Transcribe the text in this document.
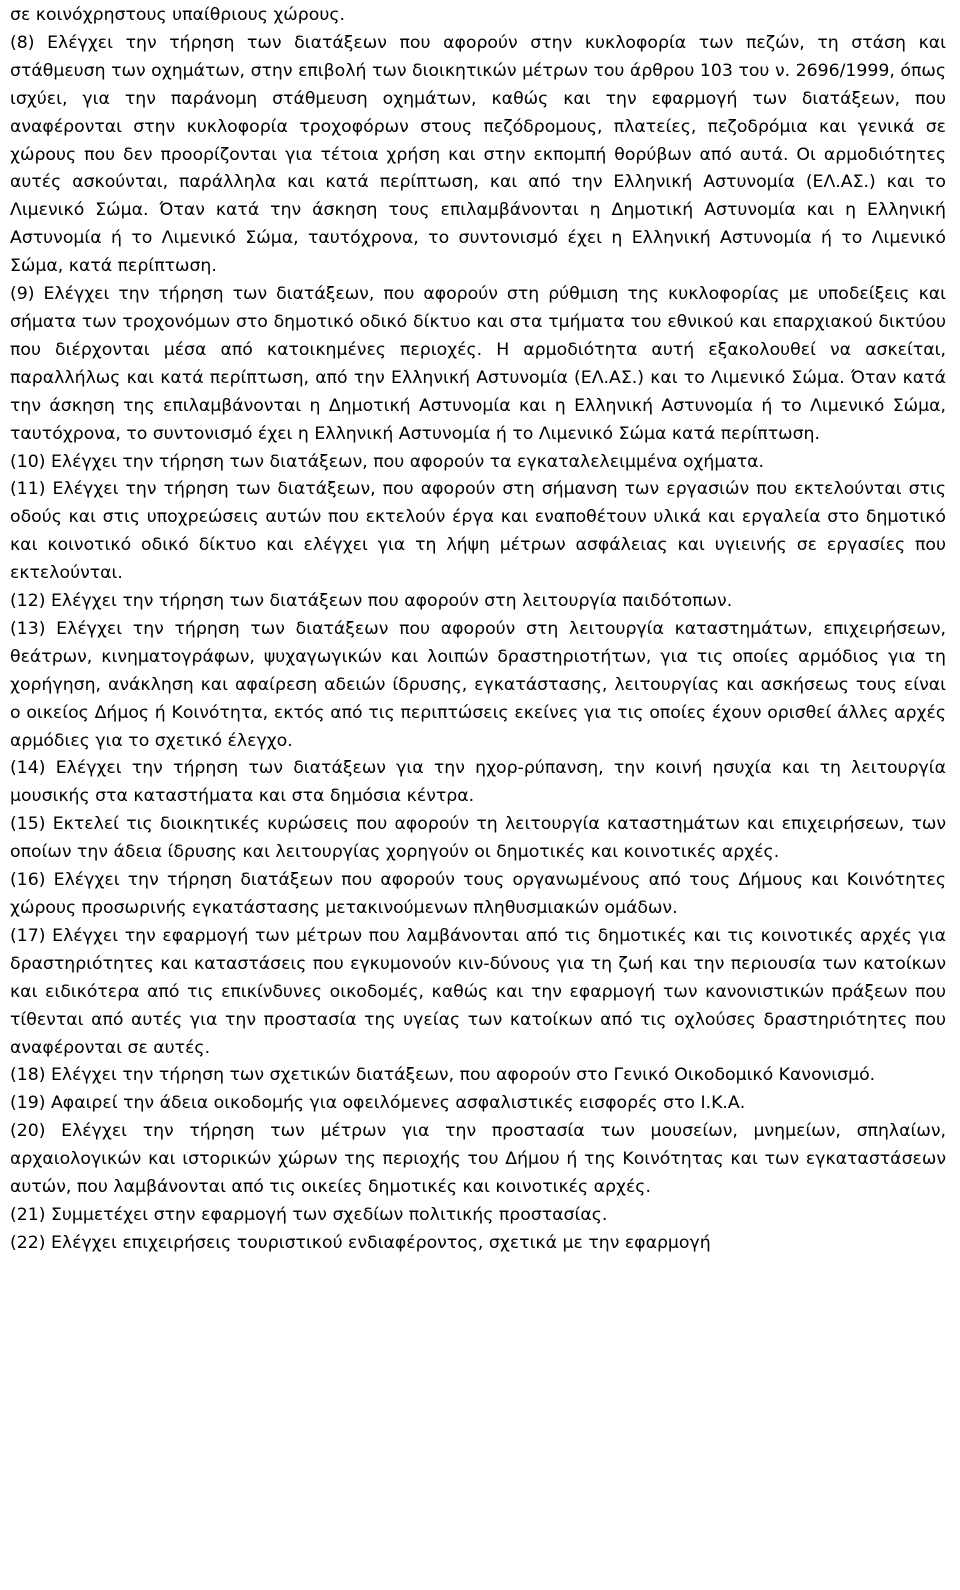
σε κοινόχρηστους υπαίθριους χώρους.

(8) Ελέγχει την τήρηση των διατάξεων που αφορούν στην κυκλοφορία των πεζών, τη στάση και στάθμευση των οχημάτων, στην επιβολή των διοικητικών μέτρων του άρθρου 103 του ν. 2696/1999, όπως ισχύει, για την παράνομη στάθμευση οχημάτων, καθώς και την εφαρμογή των διατάξεων, που αναφέρονται στην κυκλοφορία τροχοφόρων στους πεζόδρομους, πλατείες, πεζοδρόμια και γενικά σε χώρους που δεν προορίζονται για τέτοια χρήση και στην εκπομπή θορύβων από αυτά. Οι αρμοδιότητες αυτές ασκούνται, παράλληλα και κατά περίπτωση, και από την Ελληνική Αστυνομία (ΕΛ.ΑΣ.) και το Λιμενικό Σώμα. Όταν κατά την άσκηση τους επιλαμβάνονται η Δημοτική Αστυνομία και η Ελληνική Αστυνομία ή το Λιμενικό Σώμα, ταυτόχρονα, το συντονισμό έχει η Ελληνική Αστυνομία ή το Λιμενικό Σώμα, κατά περίπτωση.

(9) Ελέγχει την τήρηση των διατάξεων, που αφορούν στη ρύθμιση της κυκλοφορίας με υποδείξεις και σήματα των τροχονόμων στο δημοτικό οδικό δίκτυο και στα τμήματα του εθνικού και επαρχιακού δικτύου που διέρχονται μέσα από κατοικημένες περιοχές. Η αρμοδιότητα αυτή εξακολουθεί να ασκείται, παραλλήλως και κατά περίπτωση, από την Ελληνική Αστυνομία (ΕΛ.ΑΣ.) και το Λιμενικό Σώμα. Όταν κατά την άσκηση της επιλαμβάνονται η Δημοτική Αστυνομία και η Ελληνική Αστυνομία ή το Λιμενικό Σώμα, ταυτόχρονα, το συντονισμό έχει η Ελληνική Αστυνομία ή το Λιμενικό Σώμα κατά περίπτωση.

(10) Ελέγχει την τήρηση των διατάξεων, που αφορούν τα εγκαταλελειμμένα οχήματα.

(11) Ελέγχει την τήρηση των διατάξεων, που αφορούν στη σήμανση των εργασιών που εκτελούνται στις οδούς και στις υποχρεώσεις αυτών που εκτελούν έργα και εναποθέτουν υλικά και εργαλεία στο δημοτικό και κοινοτικό οδικό δίκτυο και ελέγχει για τη λήψη μέτρων ασφάλειας και υγιεινής σε εργασίες που εκτελούνται.

(12) Ελέγχει την τήρηση των διατάξεων που αφορούν στη λειτουργία παιδότοπων.

(13) Ελέγχει την τήρηση των διατάξεων που αφορούν στη λειτουργία καταστημάτων, επιχειρήσεων, θεάτρων, κινηματογράφων, ψυχαγωγικών και λοιπών δραστηριοτήτων, για τις οποίες αρμόδιος για τη χορήγηση, ανάκληση και αφαίρεση αδειών ίδρυσης, εγκατάστασης, λειτουργίας και ασκήσεως τους είναι ο οικείος Δήμος ή Κοινότητα, εκτός από τις περιπτώσεις εκείνες για τις οποίες έχουν ορισθεί άλλες αρχές αρμόδιες για το σχετικό έλεγχο.

(14) Ελέγχει την τήρηση των διατάξεων για την ηχορ-ρύπανση, την κοινή ησυχία και τη λειτουργία μουσικής στα καταστήματα και στα δημόσια κέντρα.

(15) Εκτελεί τις διοικητικές κυρώσεις που αφορούν τη λειτουργία καταστημάτων και επιχειρήσεων, των οποίων την άδεια ίδρυσης και λειτουργίας χορηγούν οι δημοτικές και κοινοτικές αρχές.

(16) Ελέγχει την τήρηση διατάξεων που αφορούν τους οργανωμένους από τους Δήμους και Κοινότητες χώρους προσωρινής εγκατάστασης μετακινούμενων πληθυσμιακών ομάδων.

(17) Ελέγχει την εφαρμογή των μέτρων που λαμβάνονται από τις δημοτικές και τις κοινοτικές αρχές για δραστηριότητες και καταστάσεις που εγκυμονούν κιν-δύνους για τη ζωή και την περιουσία των κατοίκων και ειδικότερα από τις επικίνδυνες οικοδομές, καθώς και την εφαρμογή των κανονιστικών πράξεων που τίθενται από αυτές για την προστασία της υγείας των κατοίκων από τις οχλούσες δραστηριότητες που αναφέρονται σε αυτές.

(18) Ελέγχει την τήρηση των σχετικών διατάξεων, που αφορούν στο Γενικό Οικοδομικό Κανονισμό.

(19) Αφαιρεί την άδεια οικοδομής για οφειλόμενες ασφαλιστικές εισφορές στο Ι.Κ.Α.

(20) Ελέγχει την τήρηση των μέτρων για την προστασία των μουσείων, μνημείων, σπηλαίων, αρχαιολογικών και ιστορικών χώρων της περιοχής του Δήμου ή της Κοινότητας και των εγκαταστάσεων αυτών, που λαμβάνονται από τις οικείες δημοτικές και κοινοτικές αρχές.

(21) Συμμετέχει στην εφαρμογή των σχεδίων πολιτικής προστασίας.

(22) Ελέγχει επιχειρήσεις τουριστικού ενδιαφέροντος, σχετικά με την εφαρμογή
